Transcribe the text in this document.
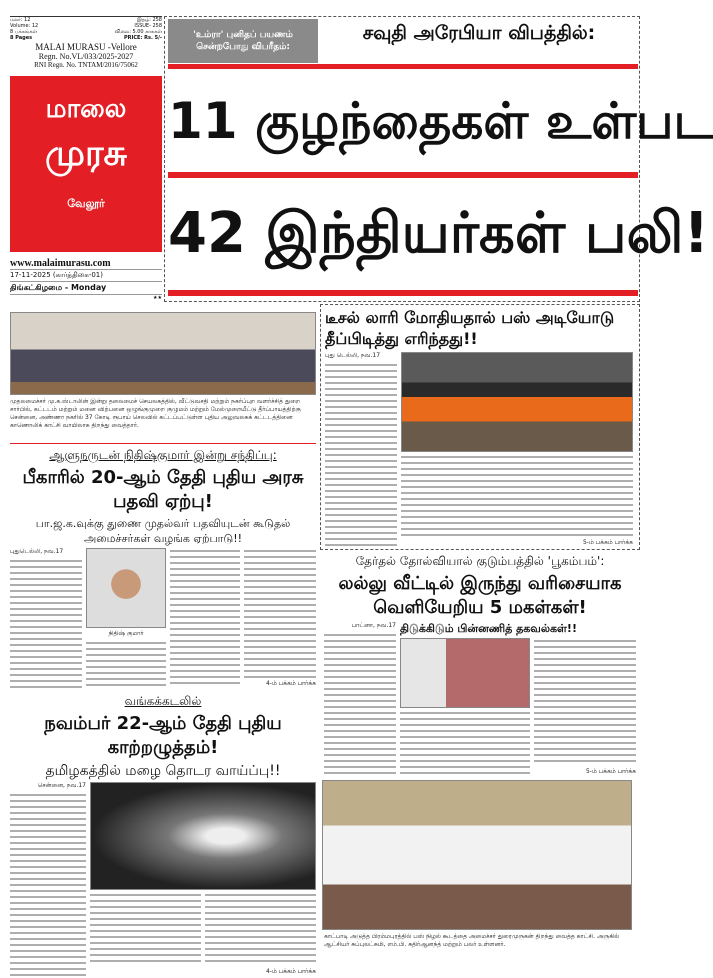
மலர்: 12
Volume: 12
8 பக்கங்கள்
8 Pages
இதழ்: 258
ISSUE- 258
விலை: 5.00 காசுகள்
PRICE: Rs. 5/-
MALAI MURASU -Vellore
Regn. No.VL/033/2025-2027
RNI Regn. No. TNTAM/2016/75062
மாலை
முரசு
வேலூர்
www.malaimurasu.com
17-11-2025 (கார்த்திகை-01)
திங்கட்கிழமை - Monday
★★
'உம்ரா' புனிதப் பயணம் சென்றபோது விபரீதம்:
சவுதி அரேபியா விபத்தில்:
11 குழந்தைகள் உள்பட
42 இந்தியர்கள் பலி!
முதலமைச்சர் மு.க.ஸ்டாலின் இன்று தலைமைச் செயலகத்தில், வீட்டுவசதி மற்றும் நகர்ப்புற வளர்ச்சித் துறை சார்பில், கட்டடம் மற்றும் மனை விற்பனை ஒழுங்குமுறை குழுமம் மற்றும் மேல்முறையீட்டு தீர்ப்பாயத்திற்கு சென்னை, அண்ணா நகரில் 37 கோடி ரூபாய் செலவில் கட்டப்பட்டுள்ள புதிய அலுவலகக் கட்டடத்தினை காணொலிக் காட்சி வாயிலாக திறந்து வைத்தார்.
டீசல் லாரி மோதியதால் பஸ் அடியோடு தீப்பிடித்து எரிந்தது!!
புது டெல்லி, நவ.17
5-ம் பக்கம் பார்க்க
ஆளுநருடன் நிதிஷ்குமார் இன்று சந்திப்பு:
பீகாரில் 20-ஆம் தேதி புதிய அரசு பதவி ஏற்பு!
பா.ஜ.க.வுக்கு துணை முதல்வர் பதவியுடன் கூடுதல் அமைச்சர்கள் வழங்க ஏற்பாடு!!
புதுடெல்லி, நவ.17
நிதிஷ் குமார்
4-ம் பக்கம் பார்க்க
தேர்தல் தோல்வியால் குடும்பத்தில் 'பூகம்பம்':
லல்லு வீட்டில் இருந்து வரிசையாக வெளியேறிய 5 மகள்கள்!
பாட்னா, நவ.17 திடுக்கிடும் பின்னணித் தகவல்கள்!!
5-ம் பக்கம் பார்க்க
வங்கக்கடலில்
நவம்பர் 22-ஆம் தேதி புதிய காற்றழுத்தம்!
தமிழகத்தில் மழை தொடர வாய்ப்பு!!
சென்னை, நவ.17
4-ம் பக்கம் பார்க்க
காட்பாடி அடுத்த பிரம்மபுரத்தில் பஸ் நிழல் கூடத்தை அமைச்சர் துரைமுருகன் திறந்து வைத்த காட்சி. அருகில் ஆட்சியர் சுப்புலட்சுமி, எம்.பி. கதிர்ஆனந்த் மற்றும் பலர் உள்ளனர்.
